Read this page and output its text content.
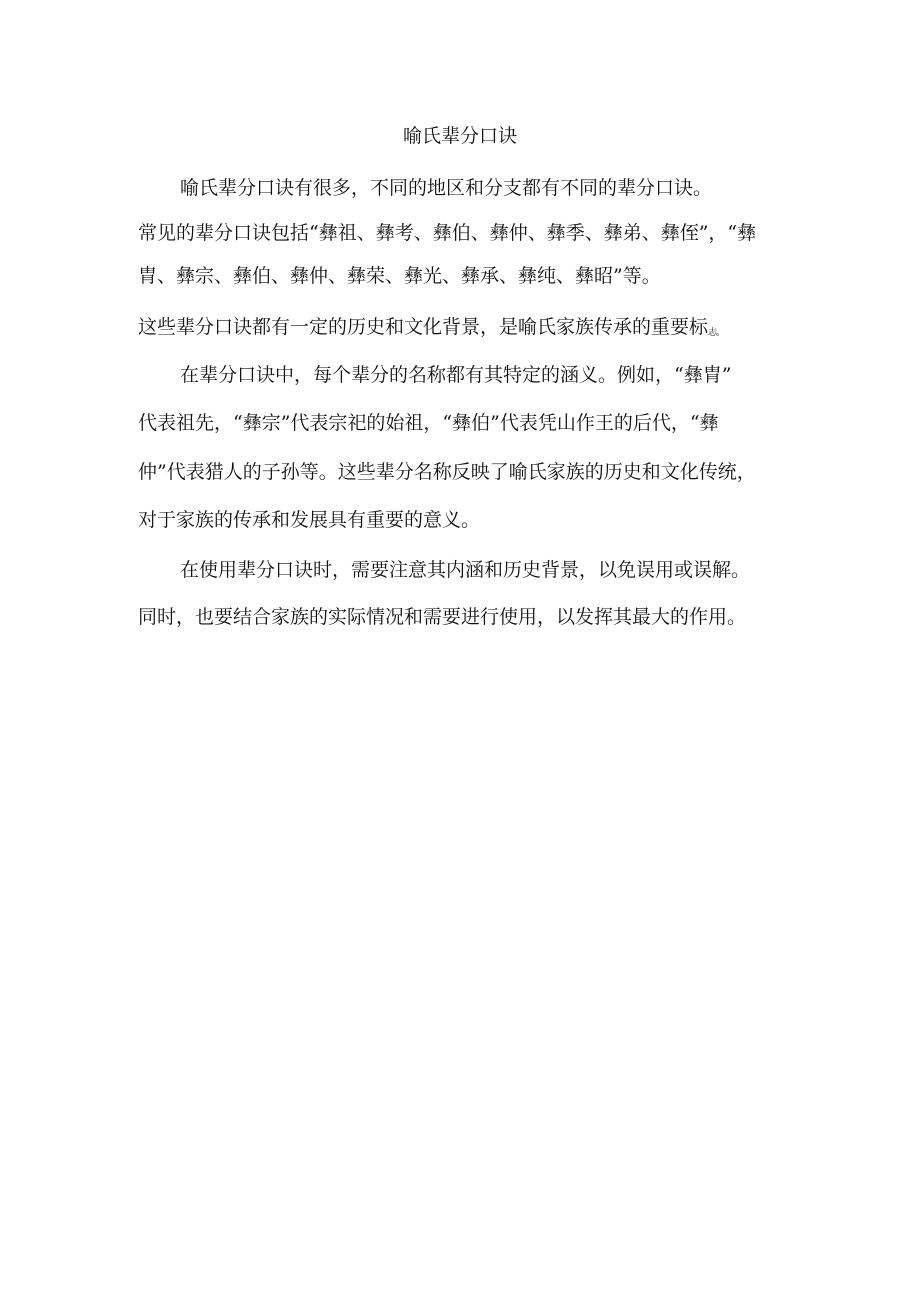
喻氏辈分口诀
喻氏辈分口诀有很多，不同的地区和分支都有不同的辈分口诀。
常见的辈分口诀包括“彝祖、彝考、彝伯、彝仲、彝季、彝弟、彝侄”，“彝
胄、彝宗、彝伯、彝仲、彝荣、彝光、彝承、彝纯、彝昭”等。
这些辈分口诀都有一定的历史和文化背景，是喻氏家族传承的重要标志。
在辈分口诀中，每个辈分的名称都有其特定的涵义。例如，“彝胄”
代表祖先，“彝宗”代表宗祀的始祖，“彝伯”代表凭山作王的后代，“彝
仲”代表猎人的子孙等。这些辈分名称反映了喻氏家族的历史和文化传统，
对于家族的传承和发展具有重要的意义。
在使用辈分口诀时，需要注意其内涵和历史背景，以免误用或误解。
同时，也要结合家族的实际情况和需要进行使用，以发挥其最大的作用。
